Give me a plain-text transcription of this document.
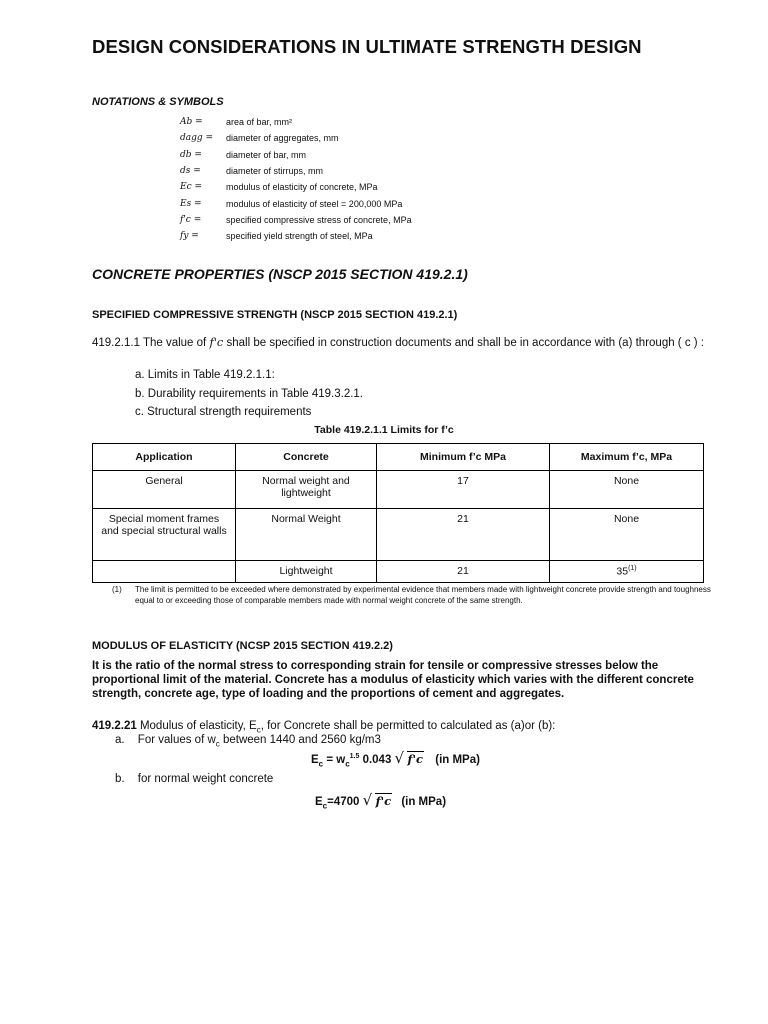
DESIGN CONSIDERATIONS IN ULTIMATE STRENGTH DESIGN
NOTATIONS & SYMBOLS
Ab =	area of bar, mm²
dagg =	diameter of aggregates, mm
db =	diameter of bar, mm
ds =	diameter of stirrups, mm
Ec =	modulus of elasticity of concrete, MPa
Es =	modulus of elasticity of steel = 200,000 MPa
f'c =	specified compressive stress of concrete, MPa
fy =	specified yield strength of steel, MPa
CONCRETE PROPERTIES (NSCP 2015 SECTION 419.2.1)
SPECIFIED COMPRESSIVE STRENGTH (NSCP 2015 SECTION 419.2.1)
419.2.1.1 The value of f'c shall be specified in construction documents and shall be in accordance with (a) through ( c ) :
a. Limits in Table 419.2.1.1:
b. Durability requirements in Table 419.3.2.1.
c. Structural strength requirements
Table 419.2.1.1 Limits for f’c
Application	Concrete	Minimum f’c MPa	Maximum f’c, MPa
General	Normal weight and lightweight	17	None
Special moment frames and special structural walls	Normal Weight	21	None
	Lightweight	21	35$^{(1)}$
(1) The limit is permitted to be exceeded where demonstrated by experimental evidence that members made with lightweight concrete provide strength and toughness equal to or exceeding those of comparable members made with normal weight concrete of the same strength.
MODULUS OF ELASTICITY (NCSP 2015 SECTION 419.2.2)
It is the ratio of the normal stress to corresponding strain for tensile or compressive stresses below the proportional limit of the material. Concrete has a modulus of elasticity which varies with the different concrete strength, concrete age, type of loading and the proportions of cement and aggregates.
419.2.21 Modulus of elasticity, $E_c$, for Concrete shall be permitted to calculated as (a)or (b):
a. For values of $w_c$ between 1440 and 2560 kg/m3
$E_c = w_c^{1.5}$ 0.043 √ f'c (in MPa)
b. for normal weight concrete
$E_c=4700$ √ f'c (in MPa)
